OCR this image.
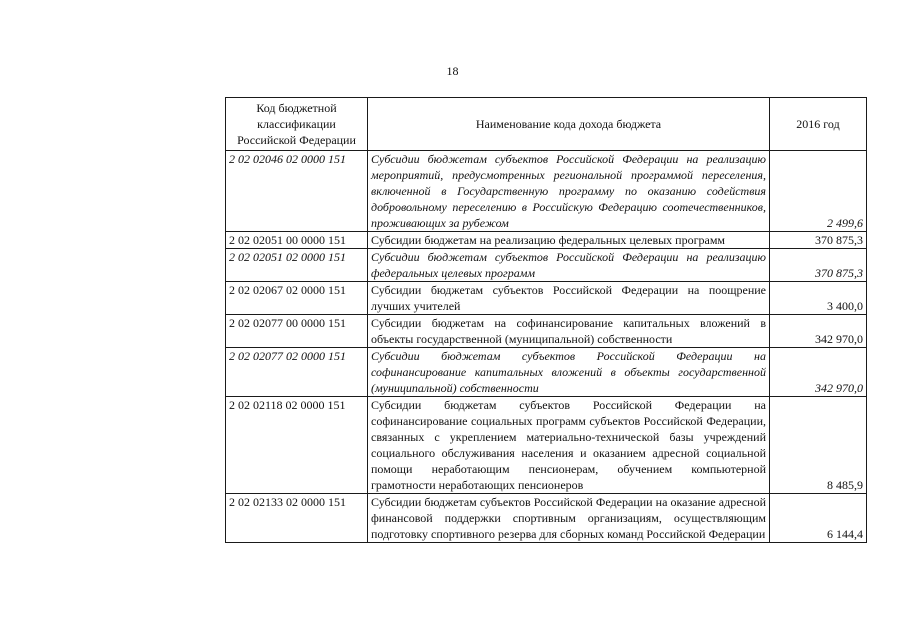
18
Код бюджетной классификации Российской Федерации	Наименование кода дохода бюджета	2016 год
2 02 02046 02 0000 151	Субсидии бюджетам субъектов Российской Федерации на реализацию мероприятий, предусмотренных региональной программой переселения, включенной в Государственную программу по оказанию содействия добровольному переселению в Российскую Федерацию соотечественников, проживающих за рубежом	2 499,6
2 02 02051 00 0000 151	Субсидии бюджетам на реализацию федеральных целевых программ	370 875,3
2 02 02051 02 0000 151	Субсидии бюджетам субъектов Российской Федерации на реализацию федеральных целевых программ	370 875,3
2 02 02067 02 0000 151	Субсидии бюджетам субъектов Российской Федерации на поощрение лучших учителей	3 400,0
2 02 02077 00 0000 151	Субсидии бюджетам на софинансирование капитальных вложений в объекты государственной (муниципальной) собственности	342 970,0
2 02 02077 02 0000 151	Субсидии бюджетам субъектов Российской Федерации на софинансирование капитальных вложений в объекты государственной (муниципальной) собственности	342 970,0
2 02 02118 02 0000 151	Субсидии бюджетам субъектов Российской Федерации на софинансирование социальных программ субъектов Российской Федерации, связанных с укреплением материально-технической базы учреждений социального обслуживания населения и оказанием адресной социальной помощи неработающим пенсионерам, обучением компьютерной грамотности неработающих пенсионеров	8 485,9
2 02 02133 02 0000 151	Субсидии бюджетам субъектов Российской Федерации на оказание адресной финансовой поддержки спортивным организациям, осуществляющим подготовку спортивного резерва для сборных команд Российской Федерации	6 144,4
